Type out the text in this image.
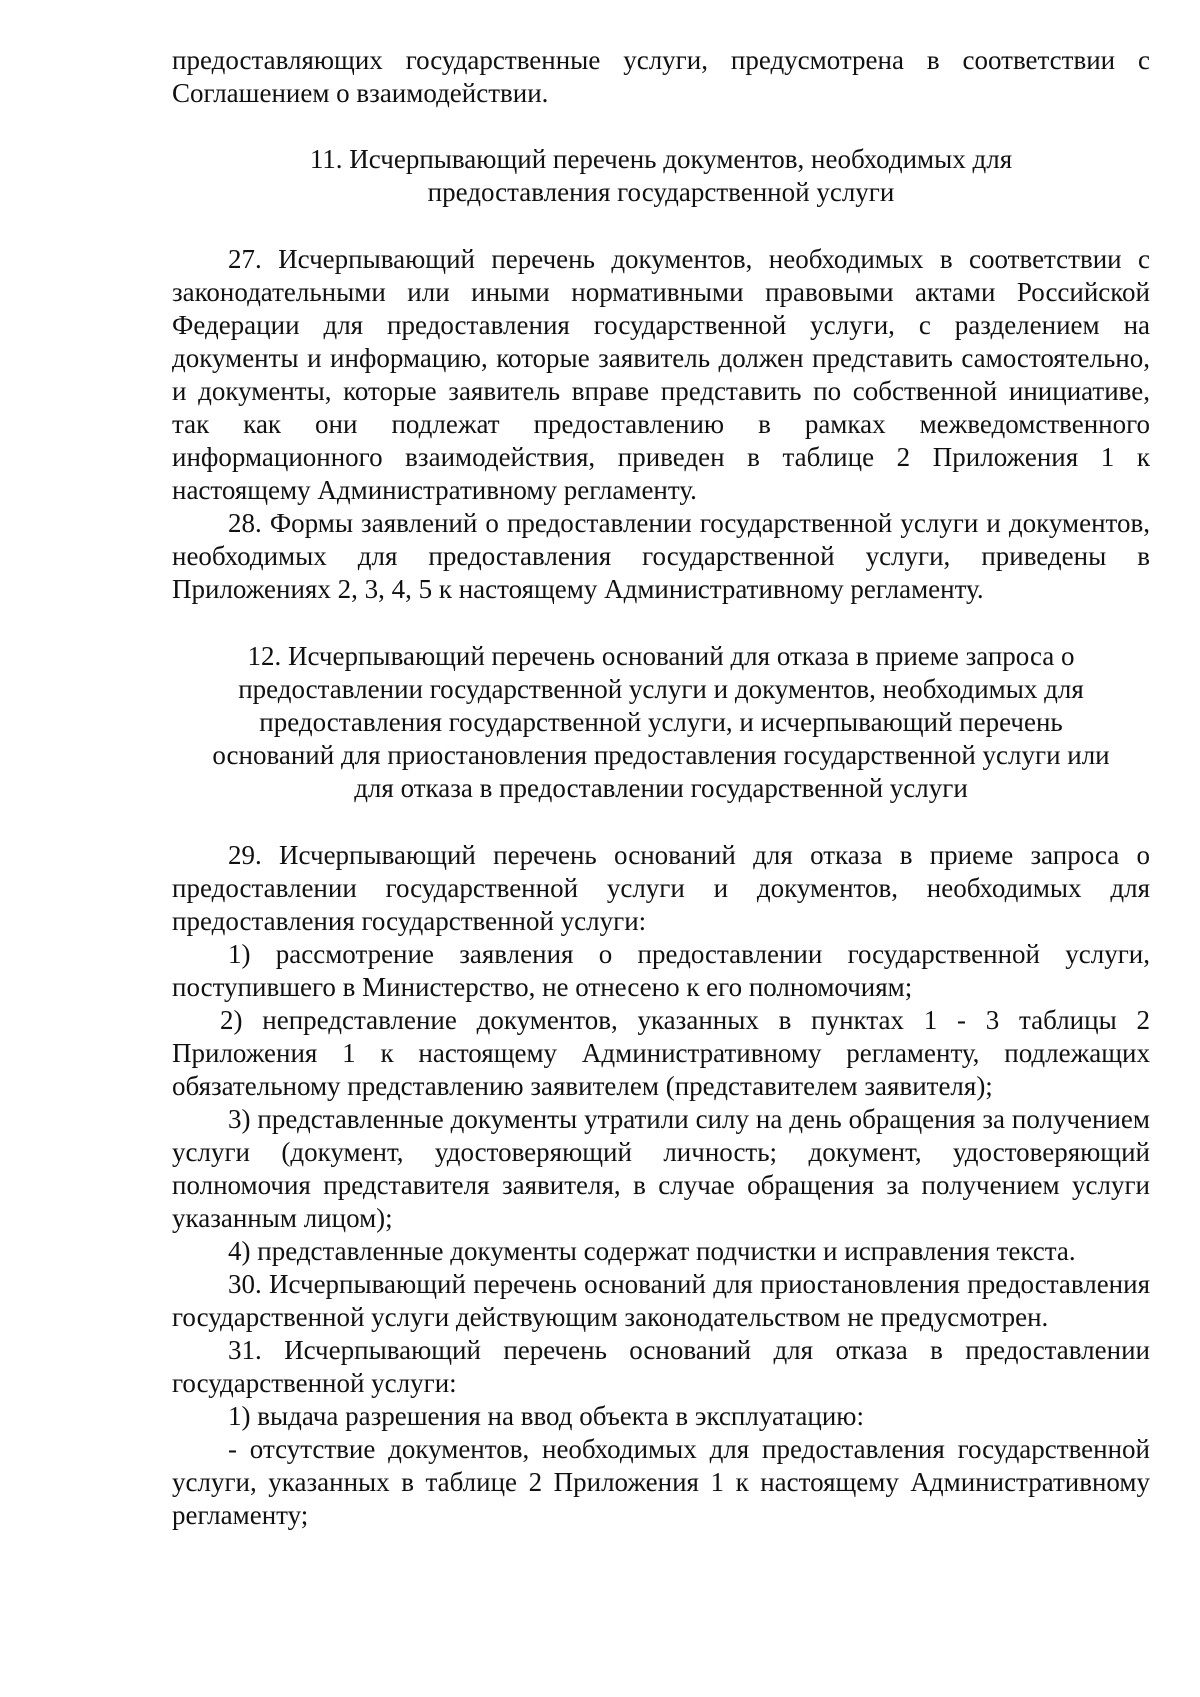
предоставляющих государственные услуги, предусмотрена в соответствии с Соглашением о взаимодействии.

11. Исчерпывающий перечень документов, необходимых для

предоставления государственной услуги

27. Исчерпывающий перечень документов, необходимых в соответствии с законодательными или иными нормативными правовыми актами Российской Федерации для предоставления государственной услуги, с разделением на документы и информацию, которые заявитель должен представить самостоятельно, и документы, которые заявитель вправе представить по собственной инициативе, так как они подлежат предоставлению в рамках межведомственного информационного взаимодействия, приведен в таблице 2 Приложения 1 к настоящему Административному регламенту.

28. Формы заявлений о предоставлении государственной услуги и документов, необходимых для предоставления государственной услуги, приведены в Приложениях 2, 3, 4, 5 к настоящему Административному регламенту.

12. Исчерпывающий перечень оснований для отказа в приеме запроса о

предоставлении государственной услуги и документов, необходимых для

предоставления государственной услуги, и исчерпывающий перечень

оснований для приостановления предоставления государственной услуги или

для отказа в предоставлении государственной услуги

29. Исчерпывающий перечень оснований для отказа в приеме запроса о предоставлении государственной услуги и документов, необходимых для предоставления государственной услуги:

1) рассмотрение заявления о предоставлении государственной услуги, поступившего в Министерство, не отнесено к его полномочиям;

2) непредставление документов, указанных в пунктах 1 - 3 таблицы 2 Приложения 1 к настоящему Административному регламенту, подлежащих обязательному представлению заявителем (представителем заявителя);

3) представленные документы утратили силу на день обращения за получением услуги (документ, удостоверяющий личность; документ, удостоверяющий полномочия представителя заявителя, в случае обращения за получением услуги указанным лицом);

4) представленные документы содержат подчистки и исправления текста.

30. Исчерпывающий перечень оснований для приостановления предоставления государственной услуги действующим законодательством не предусмотрен.

31. Исчерпывающий перечень оснований для отказа в предоставлении государственной услуги:

1) выдача разрешения на ввод объекта в эксплуатацию:

- отсутствие документов, необходимых для предоставления государственной услуги, указанных в таблице 2 Приложения 1 к настоящему Административному регламенту;
